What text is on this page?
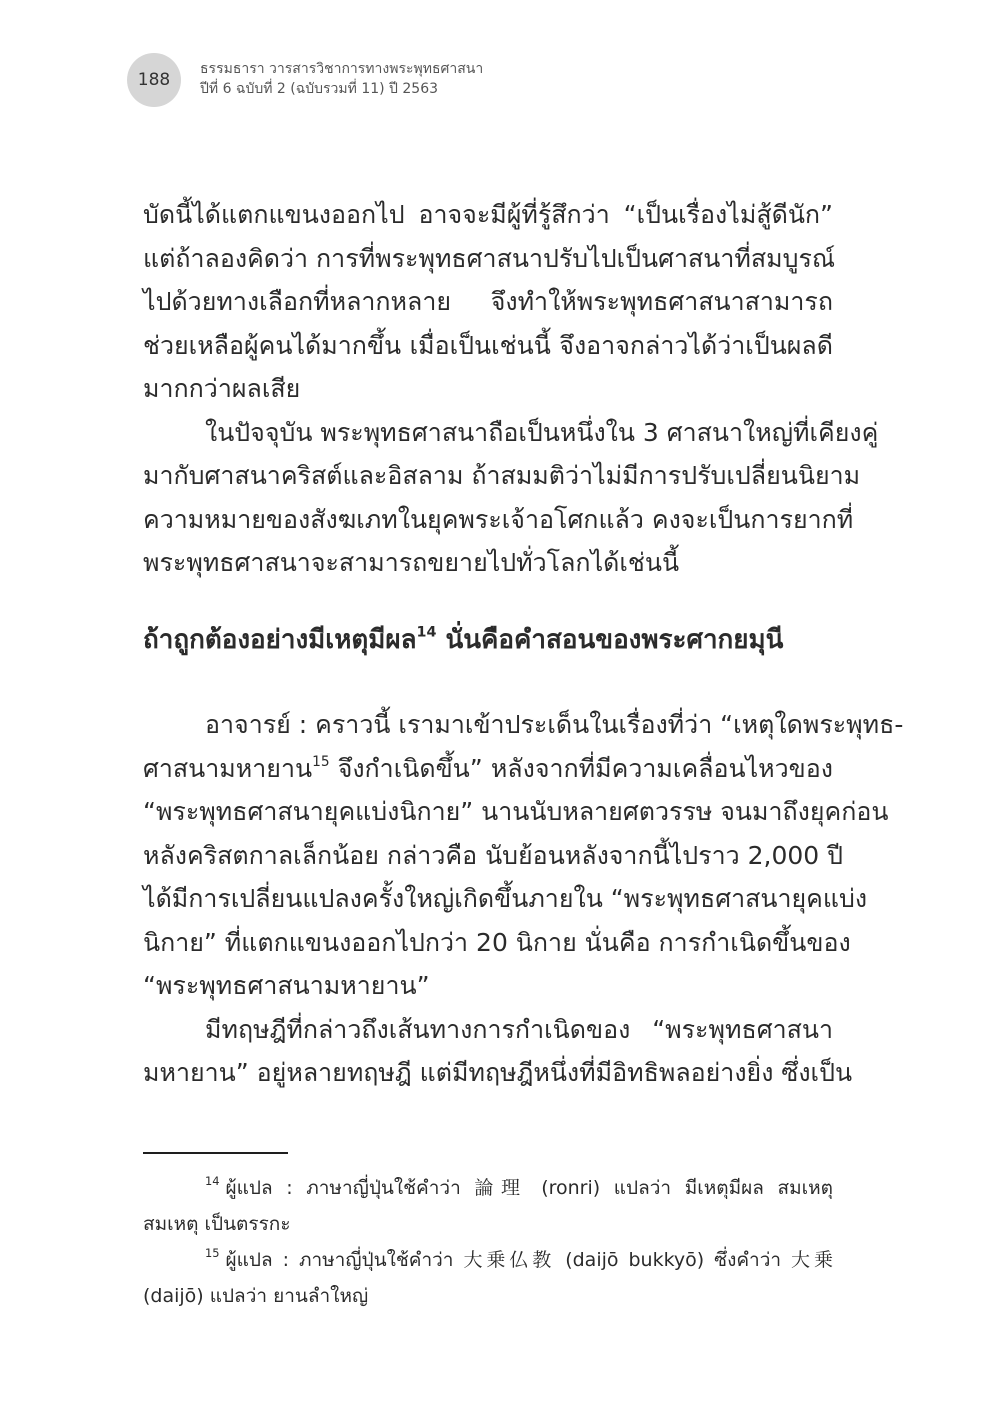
188
ธรรมธารา วารสารวิชาการทางพระพุทธศาสนา
ปีที่ 6 ฉบับที่ 2 (ฉบับรวมที่ 11) ปี 2563
บัดนี้ได้แตกแขนงออกไป อาจจะมีผู้ที่รู้สึกว่า “เป็นเรื่องไม่สู้ดีนัก”
แต่ถ้าลองคิดว่า การที่พระพุทธศาสนาปรับไปเป็นศาสนาที่สมบูรณ์
ไปด้วยทางเลือกที่หลากหลาย จึงทำให้พระพุทธศาสนาสามารถ
ช่วยเหลือผู้คนได้มากขึ้น เมื่อเป็นเช่นนี้ จึงอาจกล่าวได้ว่าเป็นผลดี
มากกว่าผลเสีย
ในปัจจุบัน พระพุทธศาสนาถือเป็นหนึ่งใน 3 ศาสนาใหญ่ที่เคียงคู่
มากับศาสนาคริสต์และอิสลาม ถ้าสมมติว่าไม่มีการปรับเปลี่ยนนิยาม
ความหมายของสังฆเภทในยุคพระเจ้าอโศกแล้ว คงจะเป็นการยากที่
พระพุทธศาสนาจะสามารถขยายไปทั่วโลกได้เช่นนี้
ถ้าถูกต้องอย่างมีเหตุมีผล$^{14}$ นั่นคือคำสอนของพระศากยมุนี
อาจารย์ : คราวนี้ เรามาเข้าประเด็นในเรื่องที่ว่า “เหตุใดพระพุทธ-
ศาสนามหายาน$^{15}$ จึงกำเนิดขึ้น” หลังจากที่มีความเคลื่อนไหวของ
“พระพุทธศาสนายุคแบ่งนิกาย” นานนับหลายศตวรรษ จนมาถึงยุคก่อน
หลังคริสตกาลเล็กน้อย กล่าวคือ นับย้อนหลังจากนี้ไปราว 2,000 ปี
ได้มีการเปลี่ยนแปลงครั้งใหญ่เกิดขึ้นภายใน “พระพุทธศาสนายุคแบ่ง
นิกาย” ที่แตกแขนงออกไปกว่า 20 นิกาย นั่นคือ การกำเนิดขึ้นของ
“พระพุทธศาสนามหายาน”
มีทฤษฎีที่กล่าวถึงเส้นทางการกำเนิดของ “พระพุทธศาสนา
มหายาน” อยู่หลายทฤษฎี แต่มีทฤษฎีหนึ่งที่มีอิทธิพลอย่างยิ่ง ซึ่งเป็น
$^{14}$ ผู้แปล : ภาษาญี่ปุ่นใช้คำว่า 論理 (ronri) แปลว่า มีเหตุมีผล สมเหตุ
สมเหตุ เป็นตรรกะ
$^{15}$ ผู้แปล : ภาษาญี่ปุ่นใช้คำว่า 大乗仏教 (daijō bukkyō) ซึ่งคำว่า 大乗
(daijō) แปลว่า ยานลำใหญ่
